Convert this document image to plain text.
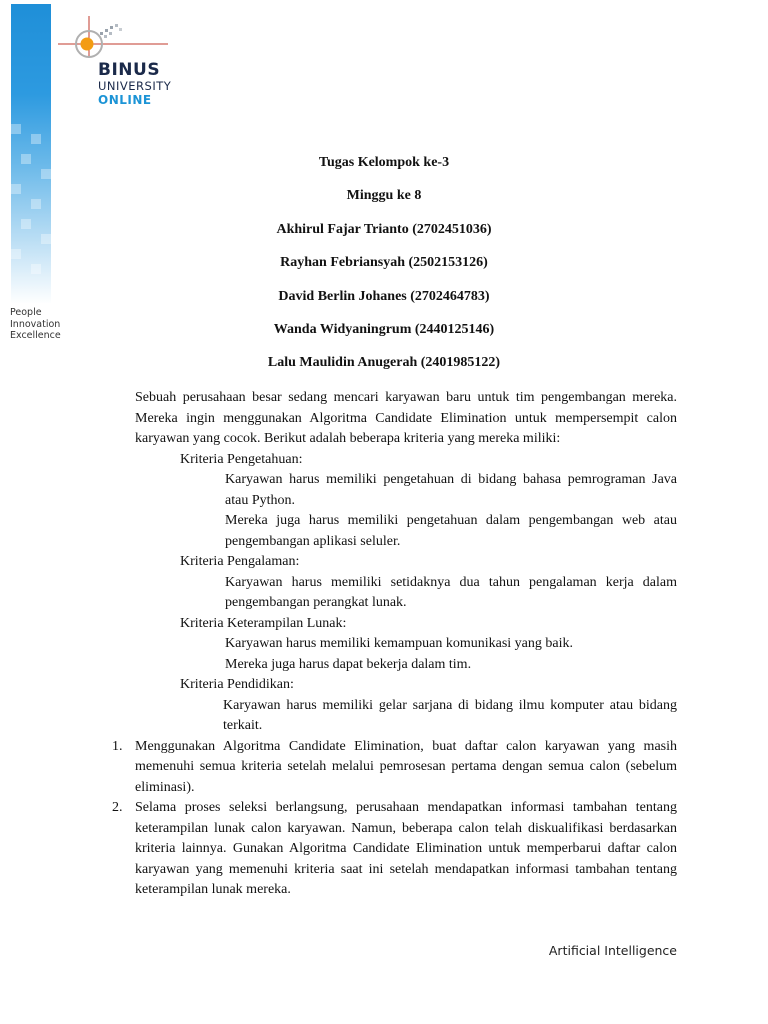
People
Innovation
Excellence
BINUS
UNIVERSITY
ONLINE
Tugas Kelompok ke-3
Minggu ke 8
Akhirul Fajar Trianto (2702451036)
Rayhan Febriansyah (2502153126)
David Berlin Johanes (2702464783)
Wanda Widyaningrum (2440125146)
Lalu Maulidin Anugerah (2401985122)
Sebuah perusahaan besar sedang mencari karyawan baru untuk tim pengembangan mereka. Mereka ingin menggunakan Algoritma Candidate Elimination untuk mempersempit calon karyawan yang cocok. Berikut adalah beberapa kriteria yang mereka miliki:
Kriteria Pengetahuan:
Karyawan harus memiliki pengetahuan di bidang bahasa pemrograman Java atau Python.
Mereka juga harus memiliki pengetahuan dalam pengembangan web atau pengembangan aplikasi seluler.
Kriteria Pengalaman:
Karyawan harus memiliki setidaknya dua tahun pengalaman kerja dalam pengembangan perangkat lunak.
Kriteria Keterampilan Lunak:
Karyawan harus memiliki kemampuan komunikasi yang baik.
Mereka juga harus dapat bekerja dalam tim.
Kriteria Pendidikan:
Karyawan harus memiliki gelar sarjana di bidang ilmu komputer atau bidang terkait.
1. Menggunakan Algoritma Candidate Elimination, buat daftar calon karyawan yang masih memenuhi semua kriteria setelah melalui pemrosesan pertama dengan semua calon (sebelum eliminasi).
2. Selama proses seleksi berlangsung, perusahaan mendapatkan informasi tambahan tentang keterampilan lunak calon karyawan. Namun, beberapa calon telah diskualifikasi berdasarkan kriteria lainnya. Gunakan Algoritma Candidate Elimination untuk memperbarui daftar calon karyawan yang memenuhi kriteria saat ini setelah mendapatkan informasi tambahan tentang keterampilan lunak mereka.
Artificial Intelligence
